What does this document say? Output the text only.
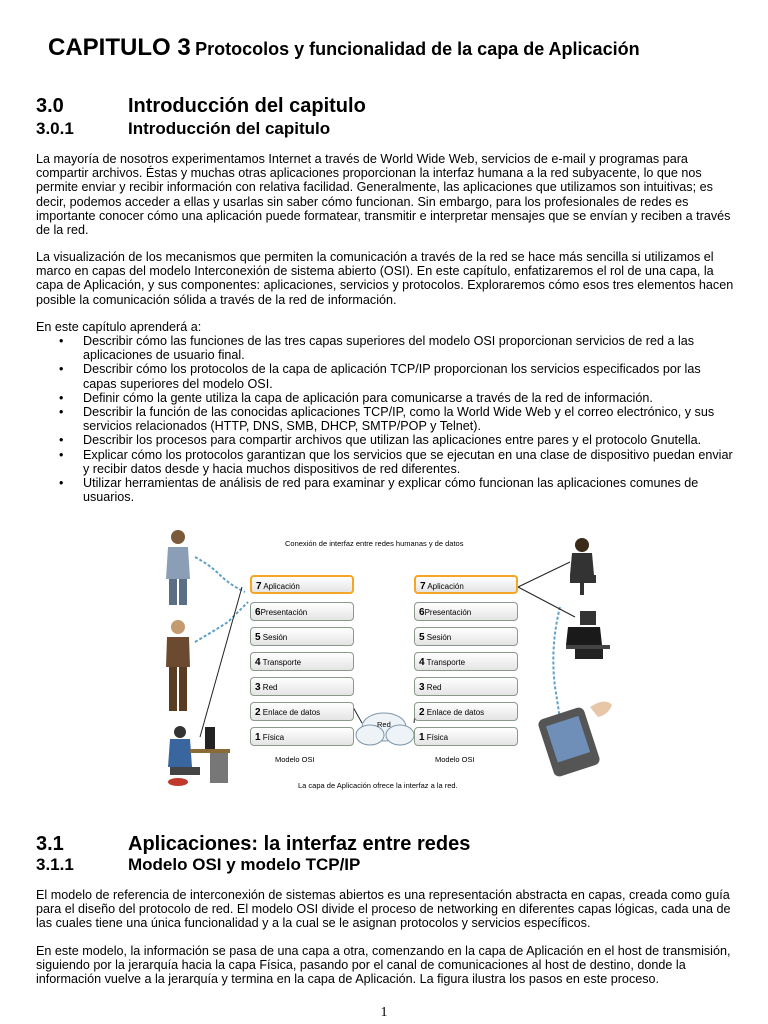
CAPITULO 3 Protocolos y funcionalidad de la capa de Aplicación
3.0	Introducción del capitulo
3.0.1	Introducción del capitulo
La mayoría de nosotros experimentamos Internet a través de World Wide Web, servicios de e-mail y programas para compartir archivos. Éstas y muchas otras aplicaciones proporcionan la interfaz humana a la red subyacente, lo que nos permite enviar y recibir información con relativa facilidad. Generalmente, las aplicaciones que utilizamos son intuitivas; es decir, podemos acceder a ellas y usarlas sin saber cómo funcionan. Sin embargo, para los profesionales de redes es importante conocer cómo una aplicación puede formatear, transmitir e interpretar mensajes que se envían y reciben a través de la red.
La visualización de los mecanismos que permiten la comunicación a través de la red se hace más sencilla si utilizamos el marco en capas del modelo Interconexión de sistema abierto (OSI). En este capítulo, enfatizaremos el rol de una capa, la capa de Aplicación, y sus componentes: aplicaciones, servicios y protocolos. Exploraremos cómo esos tres elementos hacen posible la comunicación sólida a través de la red de información.
En este capítulo aprenderá a:
• Describir cómo las funciones de las tres capas superiores del modelo OSI proporcionan servicios de red a las aplicaciones de usuario final.
• Describir cómo los protocolos de la capa de aplicación TCP/IP proporcionan los servicios especificados por las capas superiores del modelo OSI.
• Definir cómo la gente utiliza la capa de aplicación para comunicarse a través de la red de información.
• Describir la función de las conocidas aplicaciones TCP/IP, como la World Wide Web y el correo electrónico, y sus servicios relacionados (HTTP, DNS, SMB, DHCP, SMTP/POP y Telnet).
• Describir los procesos para compartir archivos que utilizan las aplicaciones entre pares y el protocolo Gnutella.
• Explicar cómo los protocolos garantizan que los servicios que se ejecutan en una clase de dispositivo puedan enviar y recibir datos desde y hacia muchos dispositivos de red diferentes.
• Utilizar herramientas de análisis de red para examinar y explicar cómo funcionan las aplicaciones comunes de usuarios.
Conexión de interfaz entre redes humanas y de datos
7 Aplicación
6Presentación
5 Sesión
4 Transporte
3 Red
2 Enlace de datos
1 Física
7 Aplicación
6Presentación
5 Sesión
4 Transporte
3 Red
2 Enlace de datos
1 Física
Red
Modelo OSI	Modelo OSI
La capa de Aplicación ofrece la interfaz a la red.
3.1	Aplicaciones: la interfaz entre redes
3.1.1	Modelo OSI y modelo TCP/IP
El modelo de referencia de interconexión de sistemas abiertos es una representación abstracta en capas, creada como guía para el diseño del protocolo de red. El modelo OSI divide el proceso de networking en diferentes capas lógicas, cada una de las cuales tiene una única funcionalidad y a la cual se le asignan protocolos y servicios específicos.
En este modelo, la información se pasa de una capa a otra, comenzando en la capa de Aplicación en el host de transmisión, siguiendo por la jerarquía hacia la capa Física, pasando por el canal de comunicaciones al host de destino, donde la información vuelve a la jerarquía y termina en la capa de Aplicación. La figura ilustra los pasos en este proceso.
1
